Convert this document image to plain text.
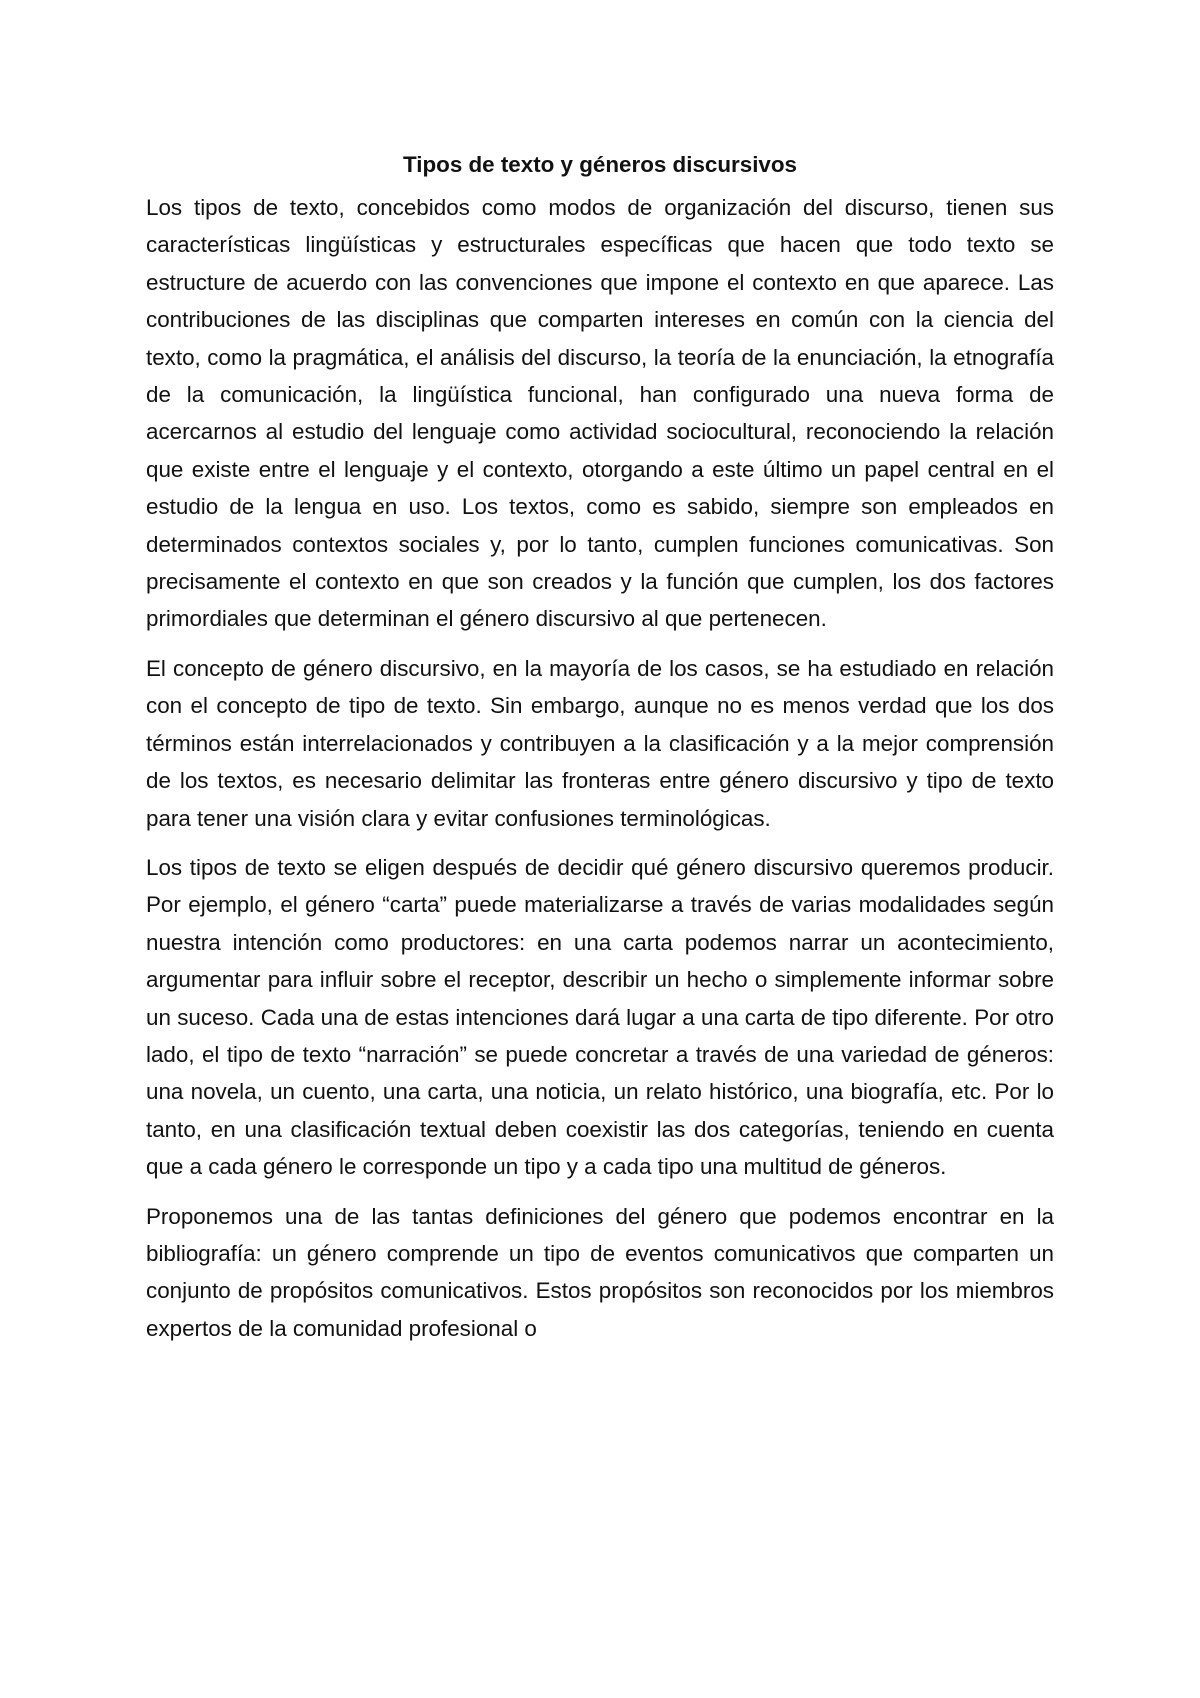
Tipos de texto y géneros discursivos

Los tipos de texto, concebidos como modos de organización del discurso, tienen sus características lingüísticas y estructurales específicas que hacen que todo texto se estructure de acuerdo con las convenciones que impone el contexto en que aparece. Las contribuciones de las disciplinas que comparten intereses en común con la ciencia del texto, como la pragmática, el análisis del discurso, la teoría de la enunciación, la etnografía de la comunicación, la lingüística funcional, han configurado una nueva forma de acercarnos al estudio del lenguaje como actividad sociocultural, reconociendo la relación que existe entre el lenguaje y el contexto, otorgando a este último un papel central en el estudio de la lengua en uso. Los textos, como es sabido, siempre son empleados en determinados contextos sociales y, por lo tanto, cumplen funciones comunicativas. Son precisamente el contexto en que son creados y la función que cumplen, los dos factores primordiales que determinan el género discursivo al que pertenecen.

El concepto de género discursivo, en la mayoría de los casos, se ha estudiado en relación con el concepto de tipo de texto. Sin embargo, aunque no es menos verdad que los dos términos están interrelacionados y contribuyen a la clasificación y a la mejor comprensión de los textos, es necesario delimitar las fronteras entre género discursivo y tipo de texto para tener una visión clara y evitar confusiones terminológicas.

Los tipos de texto se eligen después de decidir qué género discursivo queremos producir. Por ejemplo, el género “carta” puede materializarse a través de varias modalidades según nuestra intención como productores: en una carta podemos narrar un acontecimiento, argumentar para influir sobre el receptor, describir un hecho o simplemente informar sobre un suceso. Cada una de estas intenciones dará lugar a una carta de tipo diferente. Por otro lado, el tipo de texto “narración” se puede concretar a través de una variedad de géneros: una novela, un cuento, una carta, una noticia, un relato histórico, una biografía, etc. Por lo tanto, en una clasificación textual deben coexistir las dos categorías, teniendo en cuenta que a cada género le corresponde un tipo y a cada tipo una multitud de géneros.

Proponemos una de las tantas definiciones del género que podemos encontrar en la bibliografía: un género comprende un tipo de eventos comunicativos que comparten un conjunto de propósitos comunicativos. Estos propósitos son reconocidos por los miembros expertos de la comunidad profesional o
